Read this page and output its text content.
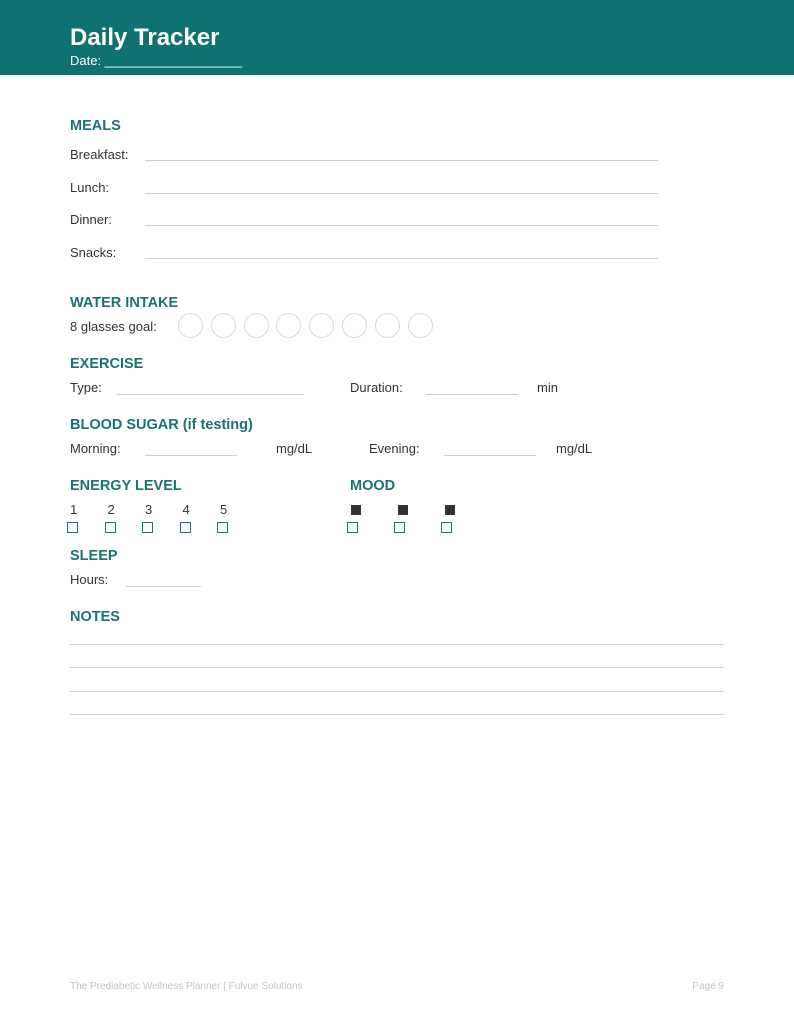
Daily Tracker
Date: ___________________
MEALS
Breakfast:
Lunch:
Dinner:
Snacks:
WATER INTAKE
8 glasses goal:
EXERCISE
Type:	Duration:	min
BLOOD SUGAR (if testing)
Morning:	mg/dL	Evening:	mg/dL
ENERGY LEVEL
1 2 3 4 5
MOOD
SLEEP
Hours:
NOTES
The Prediabetic Wellness Planner | Fulvue Solutions	Page 9
